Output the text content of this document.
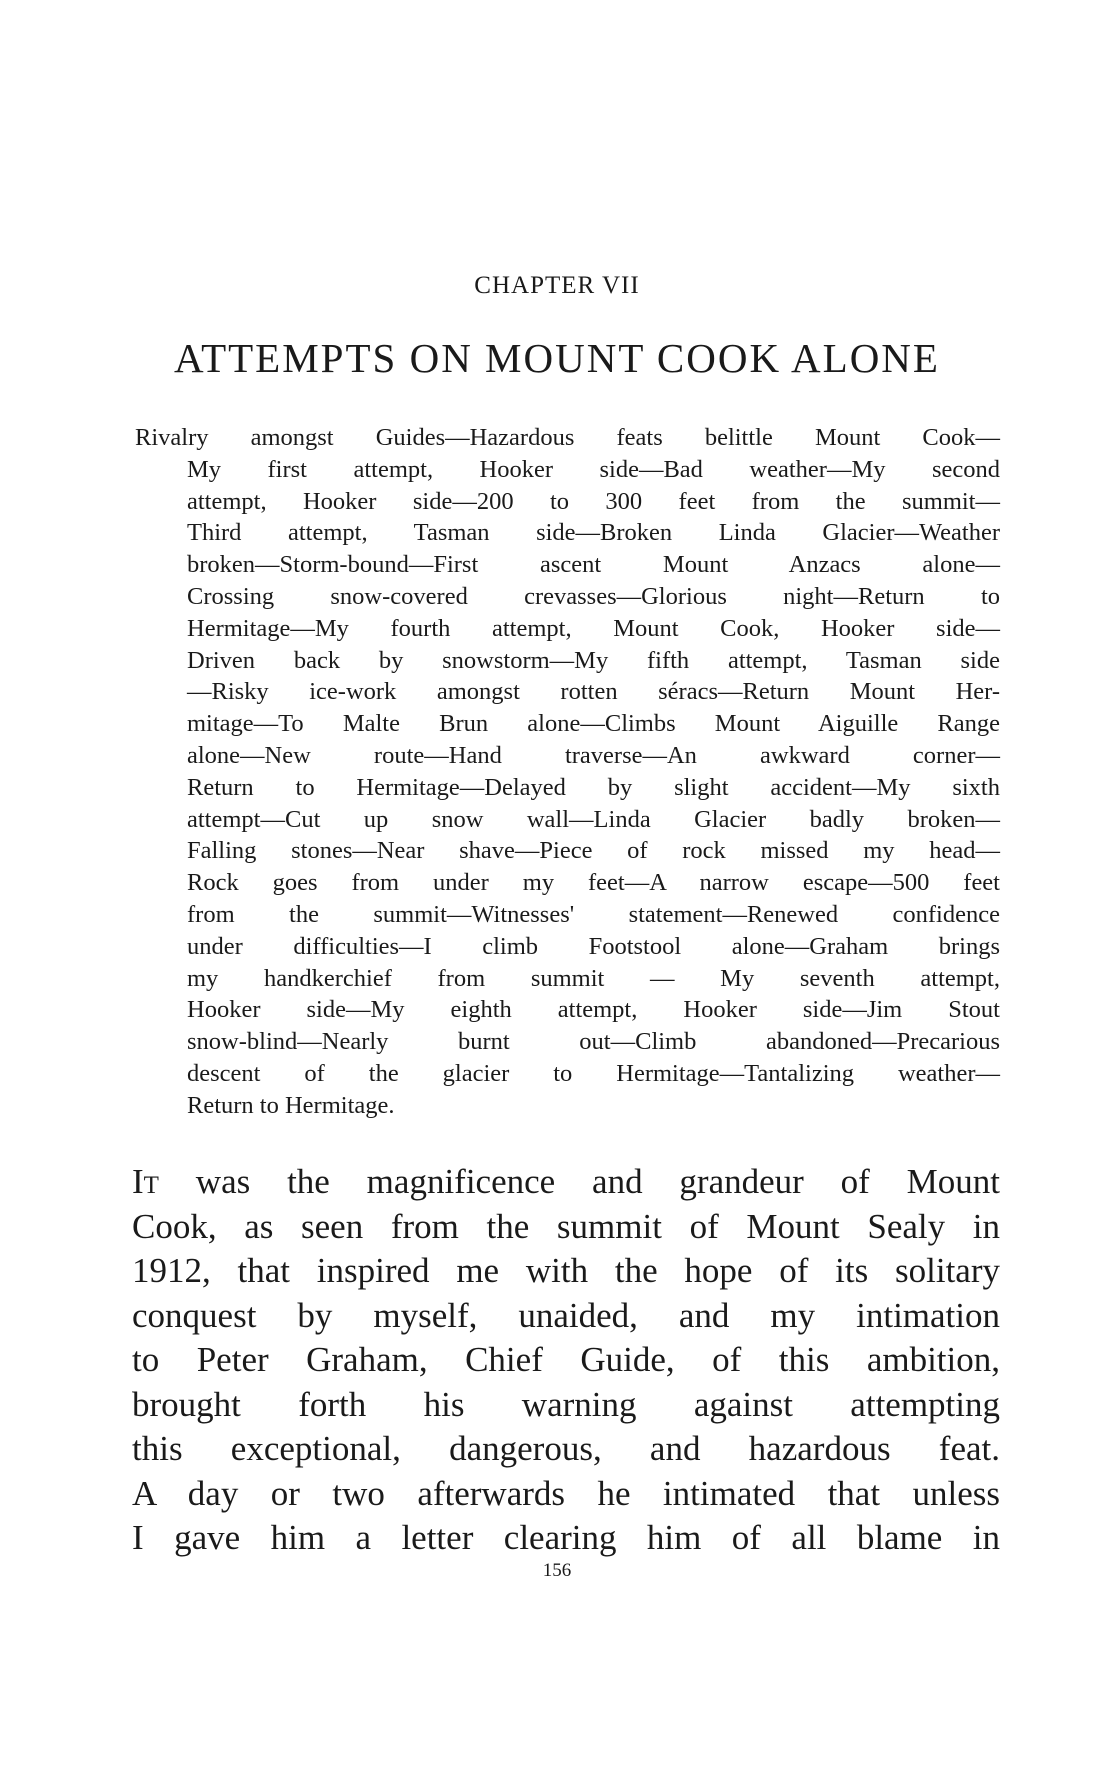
CHAPTER VII
ATTEMPTS ON MOUNT COOK ALONE
Rivalry amongst Guides—Hazardous feats belittle Mount Cook—
My first attempt, Hooker side—Bad weather—My second
attempt, Hooker side—200 to 300 feet from the summit—
Third attempt, Tasman side—Broken Linda Glacier—Weather
broken—Storm-bound—First ascent Mount Anzacs alone—
Crossing snow-covered crevasses—Glorious night—Return to
Hermitage—My fourth attempt, Mount Cook, Hooker side—
Driven back by snowstorm—My fifth attempt, Tasman side
—Risky ice-work amongst rotten séracs—Return Mount Her-
mitage—To Malte Brun alone—Climbs Mount Aiguille Range
alone—New route—Hand traverse—An awkward corner—
Return to Hermitage—Delayed by slight accident—My sixth
attempt—Cut up snow wall—Linda Glacier badly broken—
Falling stones—Near shave—Piece of rock missed my head—
Rock goes from under my feet—A narrow escape—500 feet
from the summit—Witnesses' statement—Renewed confidence
under difficulties—I climb Footstool alone—Graham brings
my handkerchief from summit — My seventh attempt,
Hooker side—My eighth attempt, Hooker side—Jim Stout
snow-blind—Nearly burnt out—Climb abandoned—Precarious
descent of the glacier to Hermitage—Tantalizing weather—
Return to Hermitage.
It was the magnificence and grandeur of Mount
Cook, as seen from the summit of Mount Sealy in
1912, that inspired me with the hope of its solitary
conquest by myself, unaided, and my intimation
to Peter Graham, Chief Guide, of this ambition,
brought forth his warning against attempting
this exceptional, dangerous, and hazardous feat.
A day or two afterwards he intimated that unless
I gave him a letter clearing him of all blame in
156
